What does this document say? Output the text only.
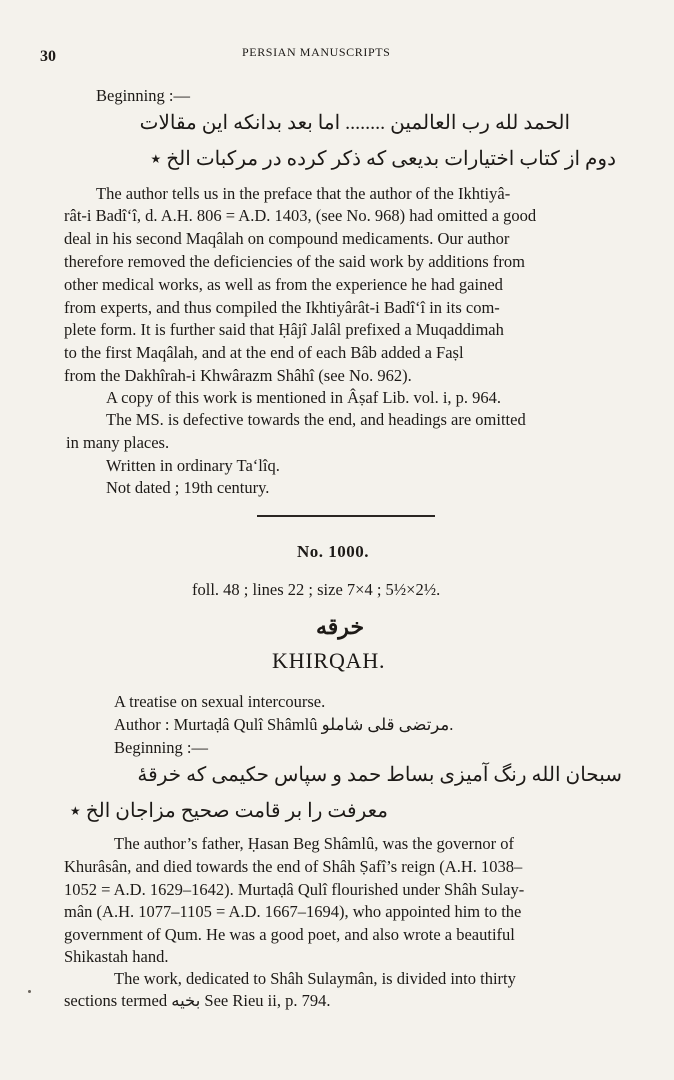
30	PERSIAN MANUSCRIPTS
Beginning :—
الحمد لله رب العالمين ........ اما بعد بدانکه این مقالات
دوم از کتاب اختیارات بدیعی که ذکر کرده در مرکبات الخ ٭
The author tells us in the preface that the author of the Ikhtiyâ-
rât-i Badî‘î, d. A.H. 806 = A.D. 1403, (see No. 968) had omitted a good
deal in his second Maqâlah on compound medicaments. Our author
therefore removed the deficiencies of the said work by additions from
other medical works, as well as from the experience he had gained
from experts, and thus compiled the Ikhtiyârât-i Badî‘î in its com-
plete form. It is further said that Ḥâjî Jalâl prefixed a Muqaddimah
to the first Maqâlah, and at the end of each Bâb added a Faṣl
from the Dakhîrah-i Khwârazm Shâhî (see No. 962).
A copy of this work is mentioned in Âṣaf Lib. vol. i, p. 964.
The MS. is defective towards the end, and headings are omitted
in many places.
Written in ordinary Ta‘lîq.
Not dated ; 19th century.
No. 1000.
foll. 48 ; lines 22 ; size 7×4 ; 5½×2½.
خرقه
KHIRQAH.
A treatise on sexual intercourse.
Author : Murtaḍâ Qulî Shâmlû مرتضی قلی شاملو.
Beginning :—
سبحان الله رنگ آمیزی بساط حمد و سپاس حکیمی که خرقهٔ
معرفت را بر قامت صحیح مزاجان الخ ٭
The author’s father, Ḥasan Beg Shâmlû, was the governor of
Khurâsân, and died towards the end of Shâh Ṣafî’s reign (A.H. 1038–
1052 = A.D. 1629–1642). Murtaḍâ Qulî flourished under Shâh Sulay-
mân (A.H. 1077–1105 = A.D. 1667–1694), who appointed him to the
government of Qum. He was a good poet, and also wrote a beautiful
Shikastah hand.
The work, dedicated to Shâh Sulaymân, is divided into thirty
sections termed بخیه See Rieu ii, p. 794.
